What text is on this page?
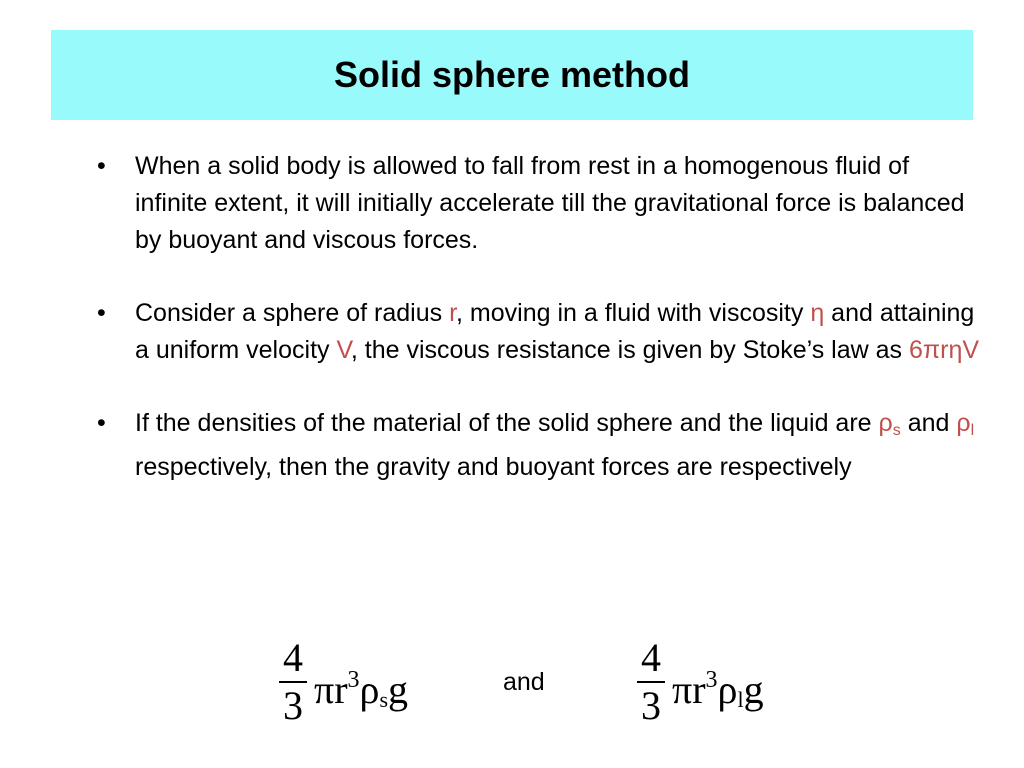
Solid sphere method
• When a solid body is allowed to fall from rest in a homogenous fluid of infinite extent, it will initially accelerate till the gravitational force is balanced by buoyant and viscous forces.
• Consider a sphere of radius r, moving in a fluid with viscosity η and attaining a uniform velocity V, the viscous resistance is given by Stoke’s law as 6πrηV
• If the densities of the material of the solid sphere and the liquid are $\rho_s$ and $\rho_l$ respectively, then the gravity and buoyant forces are respectively
4
3 $\pi r^3\rho sg$	and
4
3 $\pi r^3\rho\lg$
